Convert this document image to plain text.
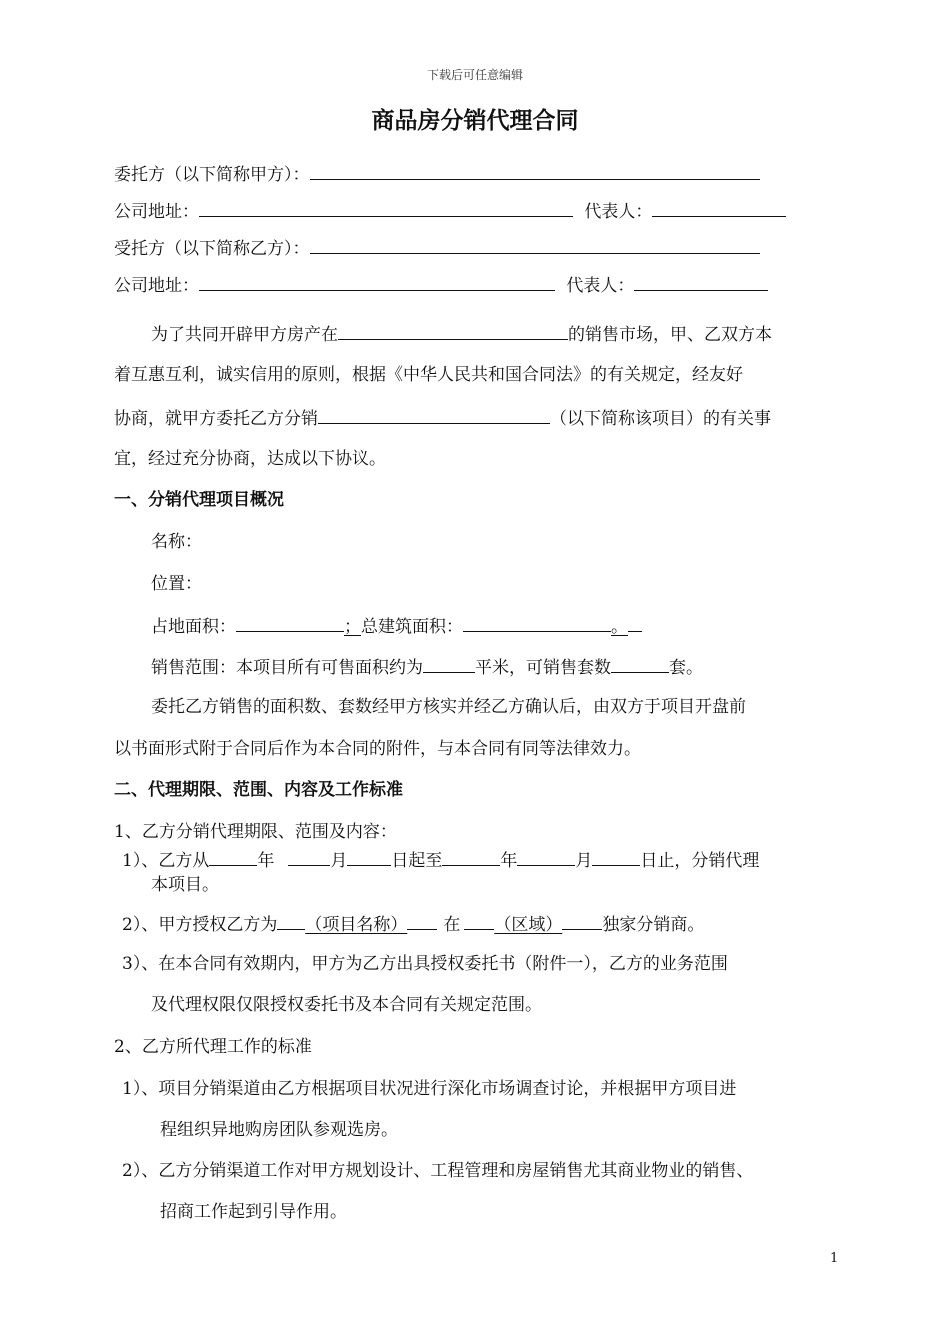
下载后可任意编辑
商品房分销代理合同
委托方（以下简称甲方）：
公司地址：	代表人：
受托方（以下简称乙方）：
公司地址：	代表人：
为了共同开辟甲方房产在	的销售市场，甲、乙双方本
着互惠互利，诚实信用的原则，根据《中华人民共和国合同法》的有关规定，经友好
协商，就甲方委托乙方分销	（以下简称该项目）的有关事
宜，经过充分协商，达成以下协议。
一、分销代理项目概况
名称：
位置：
占地面积：	；总建筑面积：	。
销售范围：本项目所有可售面积约为	平米，可销售套数	套。
委托乙方销售的面积数、套数经甲方核实并经乙方确认后，由双方于项目开盘前
以书面形式附于合同后作为本合同的附件，与本合同有同等法律效力。
二、代理期限、范围、内容及工作标准
1、乙方分销代理期限、范围及内容：
1）、乙方从	年	月	日起至	年	月	日止，分销代理
本项目。
2）、甲方授权乙方为 （项目名称） 在 （区域） 独家分销商。
3）、在本合同有效期内，甲方为乙方出具授权委托书（附件一），乙方的业务范围
及代理权限仅限授权委托书及本合同有关规定范围。
2、乙方所代理工作的标准
1）、项目分销渠道由乙方根据项目状况进行深化市场调查讨论，并根据甲方项目进
程组织异地购房团队参观选房。
2）、乙方分销渠道工作对甲方规划设计、工程管理和房屋销售尤其商业物业的销售、
招商工作起到引导作用。
1
